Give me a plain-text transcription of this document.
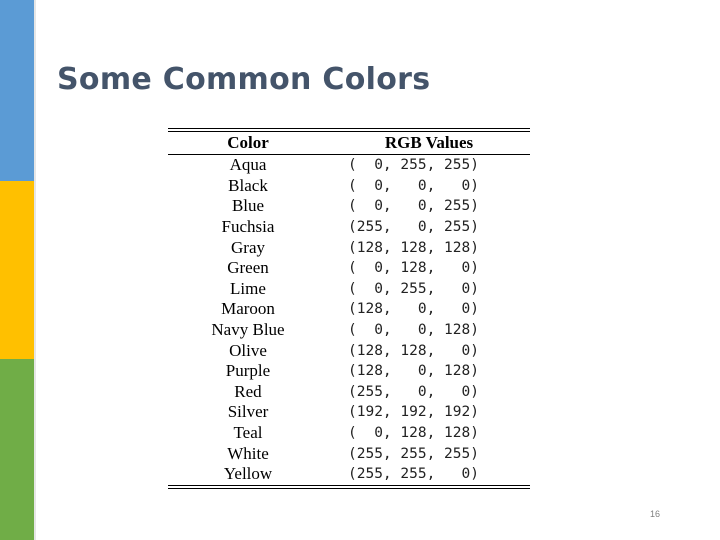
Some Common Colors
Color	RGB Values
Aqua	(  0, 255, 255)
Black	(  0,   0,   0)
Blue	(  0,   0, 255)
Fuchsia	(255,   0, 255)
Gray	(128, 128, 128)
Green	(  0, 128,   0)
Lime	(  0, 255,   0)
Maroon	(128,   0,   0)
Navy Blue	(  0,   0, 128)
Olive	(128, 128,   0)
Purple	(128,   0, 128)
Red	(255,   0,   0)
Silver	(192, 192, 192)
Teal	(  0, 128, 128)
White	(255, 255, 255)
Yellow	(255, 255,   0)
16
